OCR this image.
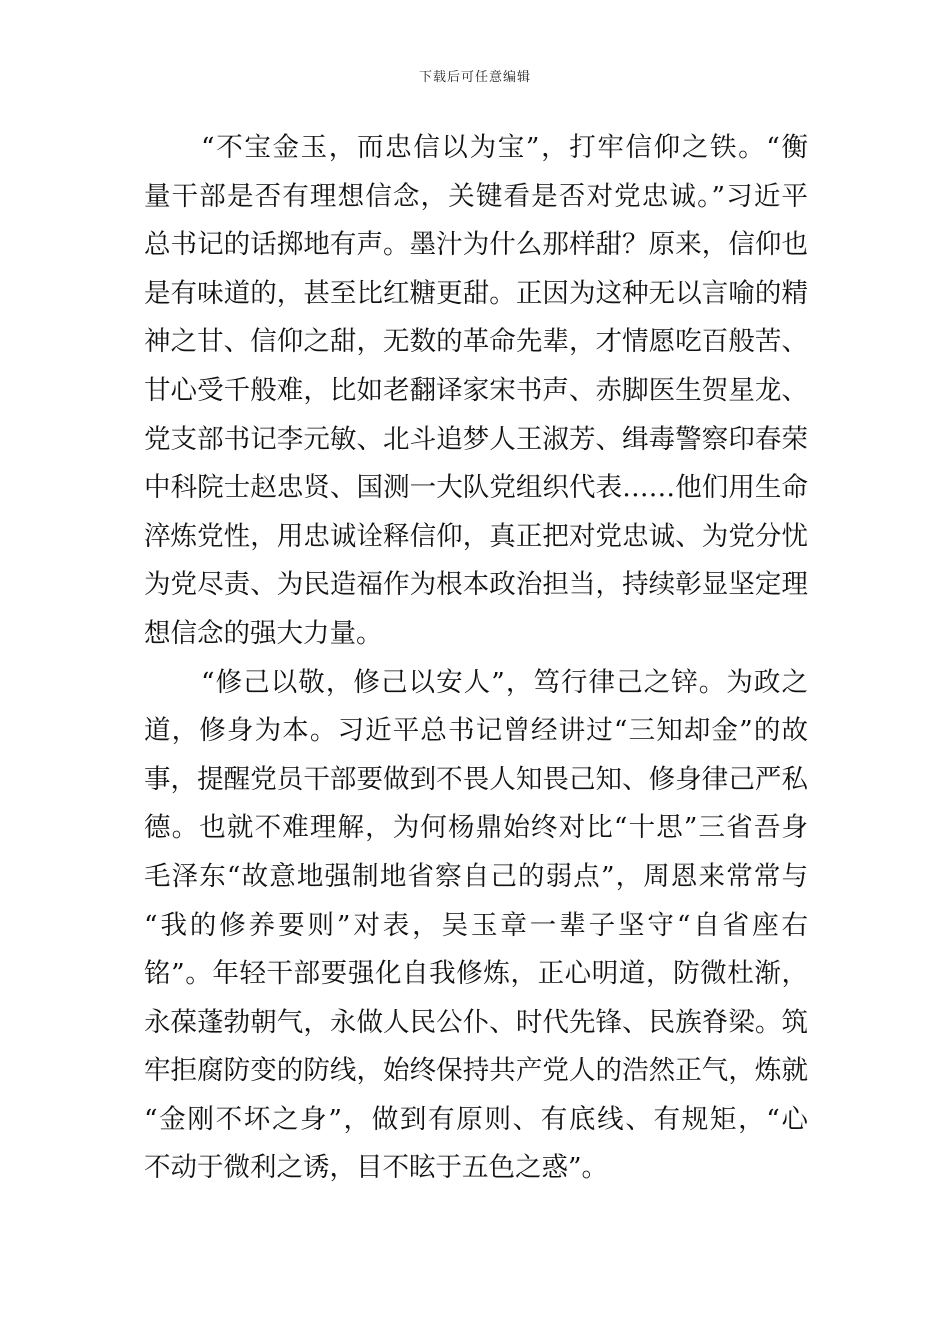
下载后可任意编辑
“不宝金玉，而忠信以为宝”，打牢信仰之铁。“衡
量干部是否有理想信念，关键看是否对党忠诚。”习近平
总书记的话掷地有声。墨汁为什么那样甜？原来，信仰也
是有味道的，甚至比红糖更甜。正因为这种无以言喻的精
神之甘、信仰之甜，无数的革命先辈，才情愿吃百般苦、
甘心受千般难，比如老翻译家宋书声、赤脚医生贺星龙、
党支部书记李元敏、北斗追梦人王淑芳、缉毒警察印春荣
中科院士赵忠贤、国测一大队党组织代表……他们用生命
淬炼党性，用忠诚诠释信仰，真正把对党忠诚、为党分忧
为党尽责、为民造福作为根本政治担当，持续彰显坚定理
想信念的强大力量。
“修己以敬，修己以安人”，笃行律己之锌。为政之
道，修身为本。习近平总书记曾经讲过“三知却金”的故
事，提醒党员干部要做到不畏人知畏己知、修身律己严私
德。也就不难理解，为何杨鼎始终对比“十思”三省吾身
毛泽东“故意地强制地省察自己的弱点”，周恩来常常与
“我的修养要则”对表，吴玉章一辈子坚守“自省座右
铭”。年轻干部要强化自我修炼，正心明道，防微杜渐，
永葆蓬勃朝气，永做人民公仆、时代先锋、民族脊梁。筑
牢拒腐防变的防线，始终保持共产党人的浩然正气，炼就
“金刚不坏之身”，做到有原则、有底线、有规矩，“心
不动于微利之诱，目不眩于五色之惑”。
